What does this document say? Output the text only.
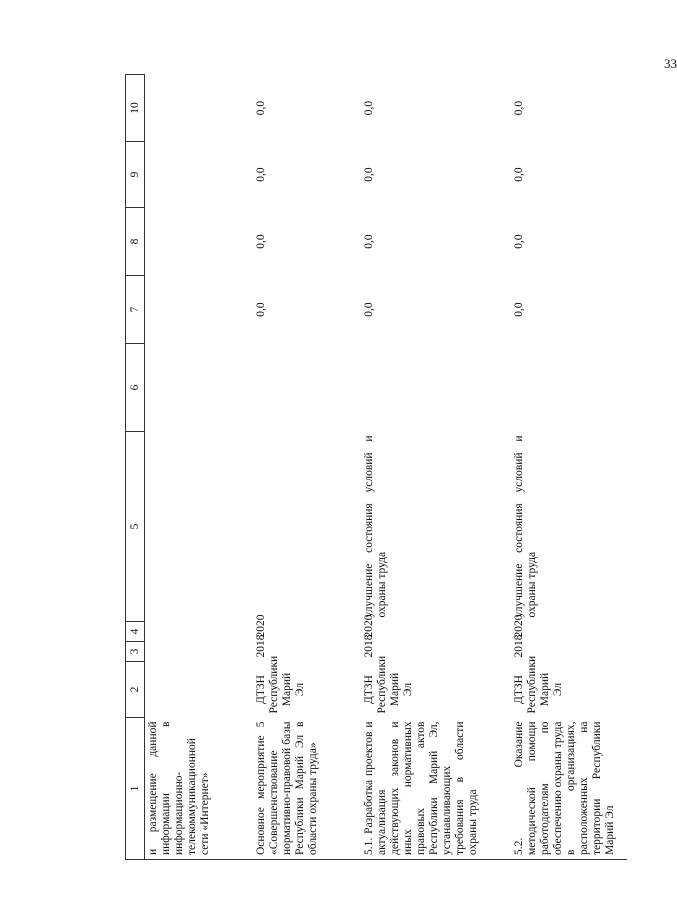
33
1	2	3	4	5	6	7	8	9	10
и размещение данной информации в информационно-телекоммуникационной сети «Интернет»									
Основное мероприятие 5 «Совершенствование нормативно-правовой базы Республики Марий Эл в области охраны труда»	ДТЗН Республики Марий Эл	2018	2020			0,0	0,0	0,0	0,0
5.1. Разработка проектов и актуализация действующих законов и иных нормативных правовых актов Республики Марий Эл, устанавливающих требования в области охраны труда	ДТЗН Республики Марий Эл	2018	2020	улучшение состояния условий и охраны труда		0,0	0,0	0,0	0,0
5.2. Оказание методической помощи работодателям по обеспечению охраны труда в организациях, расположенных на территории Республики Марий Эл	ДТЗН Республики Марий Эл	2018	2020	улучшение состояния условий и охраны труда		0,0	0,0	0,0	0,0
